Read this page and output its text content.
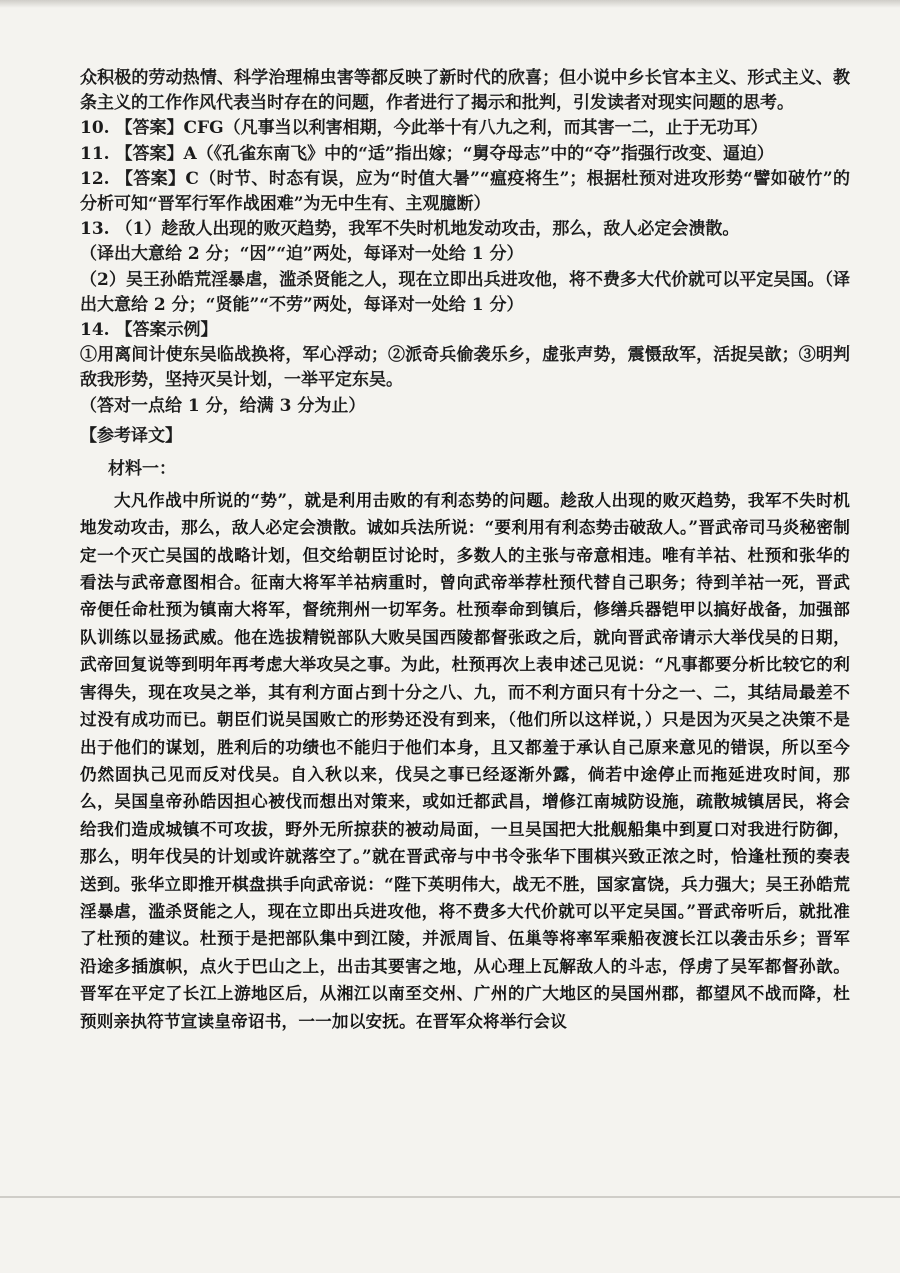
众积极的劳动热情、科学治理棉虫害等都反映了新时代的欣喜；但小说中乡长官本主义、形式主义、教条主义的工作作风代表当时存在的问题，作者进行了揭示和批判，引发读者对现实问题的思考。

10. 【答案】CFG（凡事当以利害相期，今此举十有八九之利，而其害一二，止于无功耳）

11. 【答案】A（《孔雀东南飞》中的“适”指出嫁；“舅夺母志”中的“夺”指强行改变、逼迫）

12. 【答案】C（时节、时态有误，应为“时值大暑”“瘟疫将生”；根据杜预对进攻形势“譬如破竹”的分析可知“晋军行军作战困难”为无中生有、主观臆断）

13. （1）趁敌人出现的败灭趋势，我军不失时机地发动攻击，那么，敌人必定会溃散。

（译出大意给 2 分；“因”“迫”两处，每译对一处给 1 分）

（2）吴王孙皓荒淫暴虐，滥杀贤能之人，现在立即出兵进攻他，将不费多大代价就可以平定吴国。（译出大意给 2 分；“贤能”“不劳”两处，每译对一处给 1 分）

14. 【答案示例】

①用离间计使东吴临战换将，军心浮动；②派奇兵偷袭乐乡，虚张声势，震慑敌军，活捉吴歆；③明判敌我形势，坚持灭吴计划，一举平定东吴。

（答对一点给 1 分，给满 3 分为止）

【参考译文】
材料一：
大凡作战中所说的“势”，就是利用击败的有利态势的问题。趁敌人出现的败灭趋势，我军不失时机地发动攻击，那么，敌人必定会溃散。诚如兵法所说：“要利用有利态势击破敌人。”晋武帝司马炎秘密制定一个灭亡吴国的战略计划，但交给朝臣讨论时，多数人的主张与帝意相违。唯有羊祜、杜预和张华的看法与武帝意图相合。征南大将军羊祜病重时，曾向武帝举荐杜预代替自己职务；待到羊祜一死，晋武帝便任命杜预为镇南大将军，督统荆州一切军务。杜预奉命到镇后，修缮兵器铠甲以搞好战备，加强部队训练以显扬武威。他在选拔精锐部队大败吴国西陵都督张政之后，就向晋武帝请示大举伐吴的日期，武帝回复说等到明年再考虑大举攻吴之事。为此，杜预再次上表申述己见说：“凡事都要分析比较它的利害得失，现在攻吴之举，其有利方面占到十分之八、九，而不利方面只有十分之一、二，其结局最差不过没有成功而已。朝臣们说吴国败亡的形势还没有到来，（他们所以这样说，）只是因为灭吴之决策不是出于他们的谋划，胜利后的功绩也不能归于他们本身，且又都羞于承认自己原来意见的错误，所以至今仍然固执己见而反对伐吴。自入秋以来，伐吴之事已经逐渐外露，倘若中途停止而拖延进攻时间，那么，吴国皇帝孙皓因担心被伐而想出对策来，或如迁都武昌，增修江南城防设施，疏散城镇居民，将会给我们造成城镇不可攻拔，野外无所掠获的被动局面，一旦吴国把大批舰船集中到夏口对我进行防御，那么，明年伐吴的计划或许就落空了。”就在晋武帝与中书令张华下围棋兴致正浓之时，恰逢杜预的奏表送到。张华立即推开棋盘拱手向武帝说：“陛下英明伟大，战无不胜，国家富饶，兵力强大；吴王孙皓荒淫暴虐，滥杀贤能之人，现在立即出兵进攻他，将不费多大代价就可以平定吴国。”晋武帝听后，就批准了杜预的建议。杜预于是把部队集中到江陵，并派周旨、伍巢等将率军乘船夜渡长江以袭击乐乡；晋军沿途多插旗帜，点火于巴山之上，出击其要害之地，从心理上瓦解敌人的斗志，俘虏了吴军都督孙歆。晋军在平定了长江上游地区后，从湘江以南至交州、广州的广大地区的吴国州郡，都望风不战而降，杜预则亲执符节宣读皇帝诏书，一一加以安抚。在晋军众将举行会议
